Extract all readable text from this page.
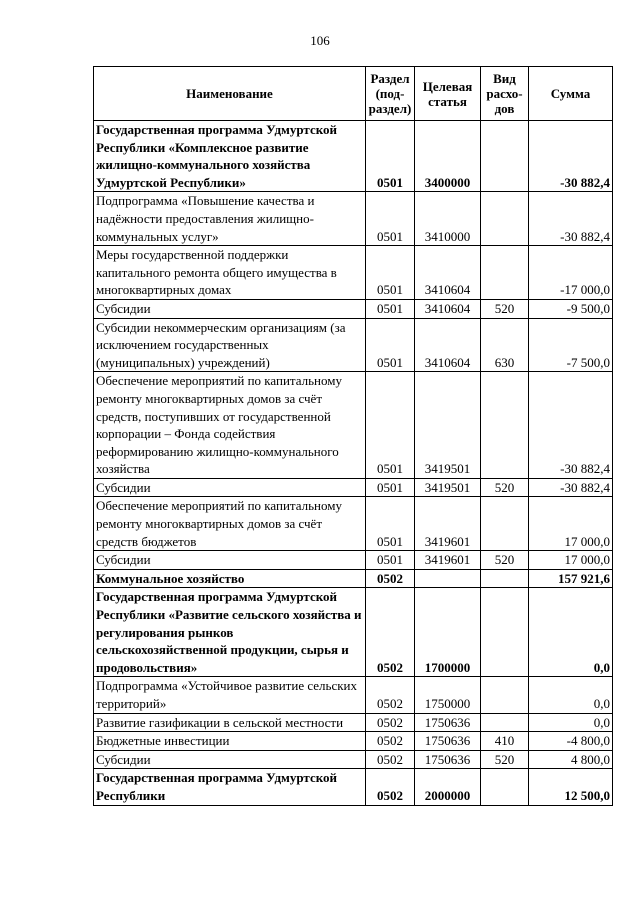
106
Наименование	Раздел (под-раздел)	Целевая статья	Вид расхо-дов	Сумма
Государственная программа Удмуртской Республики «Комплексное развитие жилищно-коммунального хозяйства Удмуртской Республики»	0501	3400000		-30 882,4
Подпрограмма «Повышение качества и надёжности предоставления жилищно-коммунальных услуг»	0501	3410000		-30 882,4
Меры государственной поддержки капитального ремонта общего имущества в многоквартирных домах	0501	3410604		-17 000,0
Субсидии	0501	3410604	520	-9 500,0
Субсидии некоммерческим организациям (за исключением государственных (муниципальных) учреждений)	0501	3410604	630	-7 500,0
Обеспечение мероприятий по капитальному ремонту многоквартирных домов за счёт средств, поступивших от государственной корпорации – Фонда содействия реформированию жилищно-коммунального хозяйства	0501	3419501		-30 882,4
Субсидии	0501	3419501	520	-30 882,4
Обеспечение мероприятий по капитальному ремонту многоквартирных домов за счёт средств бюджетов	0501	3419601		17 000,0
Субсидии	0501	3419601	520	17 000,0
Коммунальное хозяйство	0502			157 921,6
Государственная программа Удмуртской Республики «Развитие сельского хозяйства и регулирования рынков сельскохозяйственной продукции, сырья и продовольствия»	0502	1700000		0,0
Подпрограмма «Устойчивое развитие сельских территорий»	0502	1750000		0,0
Развитие газификации в сельской местности	0502	1750636		0,0
Бюджетные инвестиции	0502	1750636	410	-4 800,0
Субсидии	0502	1750636	520	4 800,0
Государственная программа Удмуртской Республики	0502	2000000		12 500,0
